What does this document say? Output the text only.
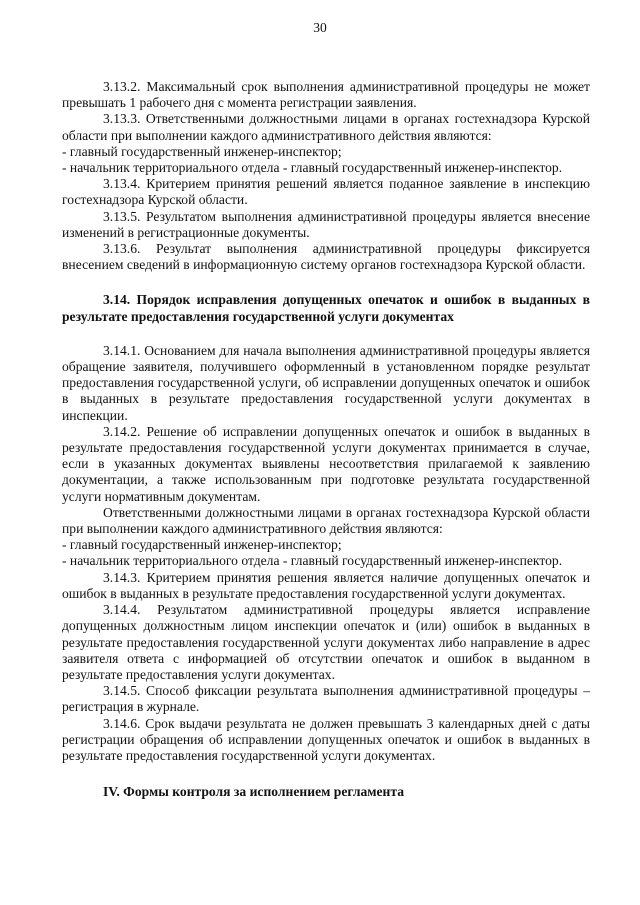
30

3.13.2. Максимальный срок выполнения административной процедуры не может превышать 1 рабочего дня с момента регистрации заявления.

3.13.3. Ответственными должностными лицами в органах гостехнадзора Курской области при выполнении каждого административного действия являются:

- главный государственный инженер-инспектор;

- начальник территориального отдела - главный государственный инженер-инспектор.

3.13.4. Критерием принятия решений является поданное заявление в инспекцию гостехнадзора Курской области.

3.13.5. Результатом выполнения административной процедуры является внесение изменений в регистрационные документы.

3.13.6. Результат выполнения административной процедуры фиксируется внесением сведений в информационную систему органов гостехнадзора Курской области.

3.14. Порядок исправления допущенных опечаток и ошибок в выданных в результате предоставления государственной услуги документах

3.14.1. Основанием для начала выполнения административной процедуры является обращение заявителя, получившего оформленный в установленном порядке результат предоставления государственной услуги, об исправлении допущенных опечаток и ошибок в выданных в результате предоставления государственной услуги документах в инспекции.

3.14.2. Решение об исправлении допущенных опечаток и ошибок в выданных в результате предоставления государственной услуги документах принимается в случае, если в указанных документах выявлены несоответствия прилагаемой к заявлению документации, а также использованным при подготовке результата государственной услуги нормативным документам.

Ответственными должностными лицами в органах гостехнадзора Курской области при выполнении каждого административного действия являются:

- главный государственный инженер-инспектор;

- начальник территориального отдела - главный государственный инженер-инспектор.

3.14.3. Критерием принятия решения является наличие допущенных опечаток и ошибок в выданных в результате предоставления государственной услуги документах.

3.14.4. Результатом административной процедуры является исправление допущенных должностным лицом инспекции опечаток и (или) ошибок в выданных в результате предоставления государственной услуги документах либо направление в адрес заявителя ответа с информацией об отсутствии опечаток и ошибок в выданном в результате предоставления услуги документах.

3.14.5. Способ фиксации результата выполнения административной процедуры – регистрация в журнале.

3.14.6. Срок выдачи результата не должен превышать 3 календарных дней с даты регистрации обращения об исправлении допущенных опечаток и ошибок в выданных в результате предоставления государственной услуги документах.

IV. Формы контроля за исполнением регламента
